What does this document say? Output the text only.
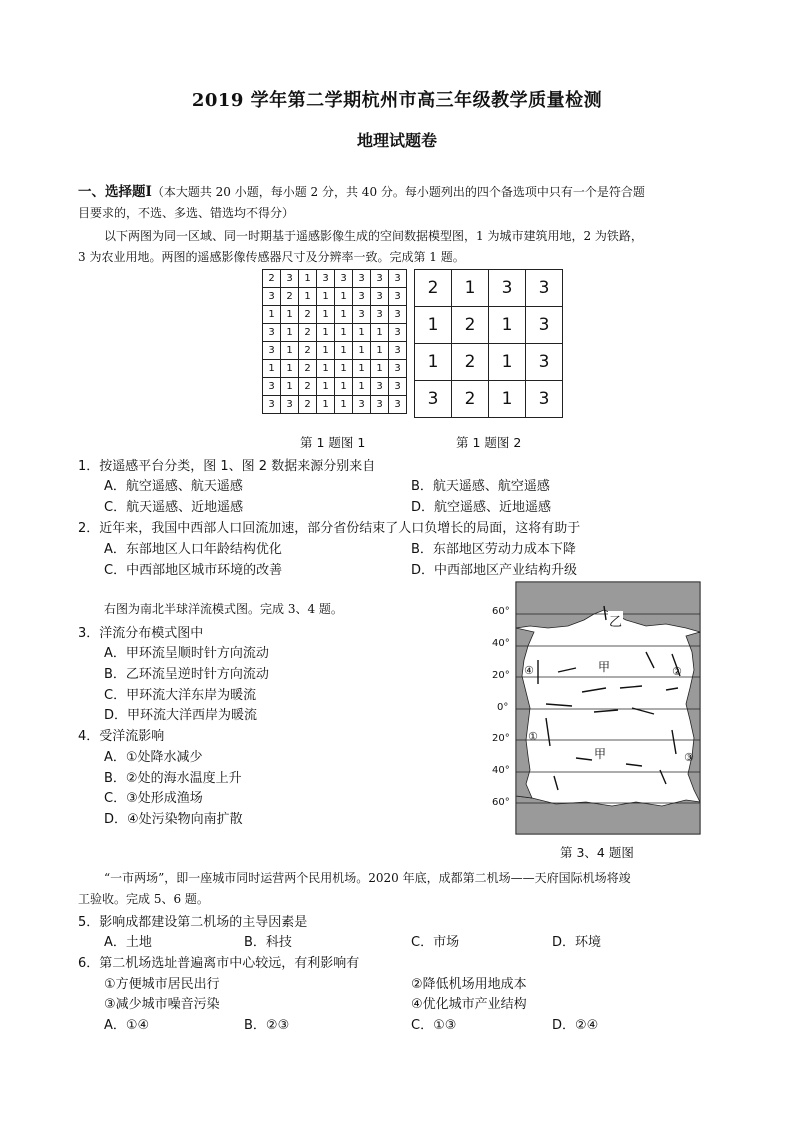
2019 学年第二学期杭州市高三年级教学质量检测
地理试题卷
一、选择题Ⅰ（本大题共 20 小题，每小题 2 分，共 40 分。每小题列出的四个备选项中只有一个是符合题
目要求的，不选、多选、错选均不得分）
以下两图为同一区域、同一时期基于遥感影像生成的空间数据模型图，1 为城市建筑用地，2 为铁路，
3 为农业用地。两图的遥感影像传感器尺寸及分辨率一致。完成第 1 题。
2	3	1	3	3	3	3	3
3	2	1	1	1	3	3	3
1	1	2	1	1	3	3	3
3	1	2	1	1	1	1	3
3	1	2	1	1	1	1	3
1	1	2	1	1	1	1	3
3	1	2	1	1	1	3	3
3	3	2	1	1	3	3	3
2	1	3	3
1	2	1	3
1	2	1	3
3	2	1	3
第 1 题图 1	第 1 题图 2
1．按遥感平台分类，图 1、图 2 数据来源分别来自
A．航空遥感、航天遥感	B．航天遥感、航空遥感
C．航天遥感、近地遥感	D．航空遥感、近地遥感
2．近年来，我国中西部人口回流加速，部分省份结束了人口负增长的局面，这将有助于
A．东部地区人口年龄结构优化	B．东部地区劳动力成本下降
C．中西部地区城市环境的改善	D．中西部地区产业结构升级
右图为南北半球洋流模式图。完成 3、4 题。
3．洋流分布模式图中
A．甲环流呈顺时针方向流动
B．乙环流呈逆时针方向流动
C．甲环流大洋东岸为暖流
D．甲环流大洋西岸为暖流
4．受洋流影响
A．①处降水减少
B．②处的海水温度上升
C．③处形成渔场
D．④处污染物向南扩散
60°
40°
20°
0°
20°
40°
60°
乙
甲
甲
①
②
③
④
第 3、4 题图
“一市两场”，即一座城市同时运营两个民用机场。2020 年底，成都第二机场——天府国际机场将竣
工验收。完成 5、6 题。
5．影响成都建设第二机场的主导因素是
A．土地	B．科技	C．市场	D．环境
6．第二机场选址普遍离市中心较远，有利影响有
①方便城市居民出行	②降低机场用地成本
③减少城市噪音污染	④优化城市产业结构
A．①④	B．②③	C．①③	D．②④
